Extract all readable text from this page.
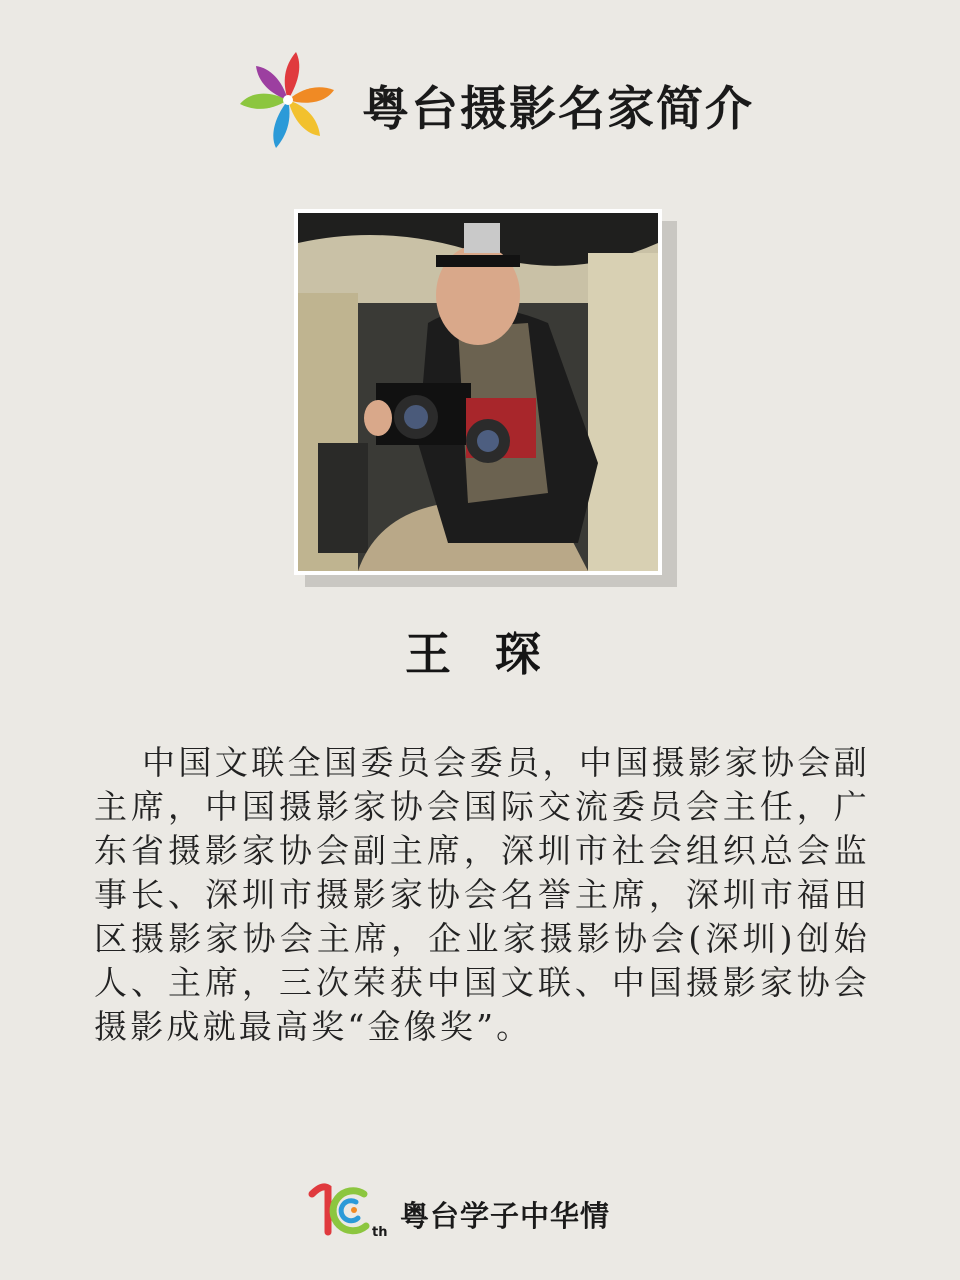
粤台摄影名家简介
王 琛

中国文联全国委员会委员，中国摄影家协会副主席，中国摄影家协会国际交流委员会主任，广东省摄影家协会副主席，深圳市社会组织总会监事长、深圳市摄影家协会名誉主席，深圳市福田区摄影家协会主席，企业家摄影协会(深圳)创始人、主席，三次荣获中国文联、中国摄影家协会摄影成就最高奖“金像奖”。

th 粤台学子中华情
